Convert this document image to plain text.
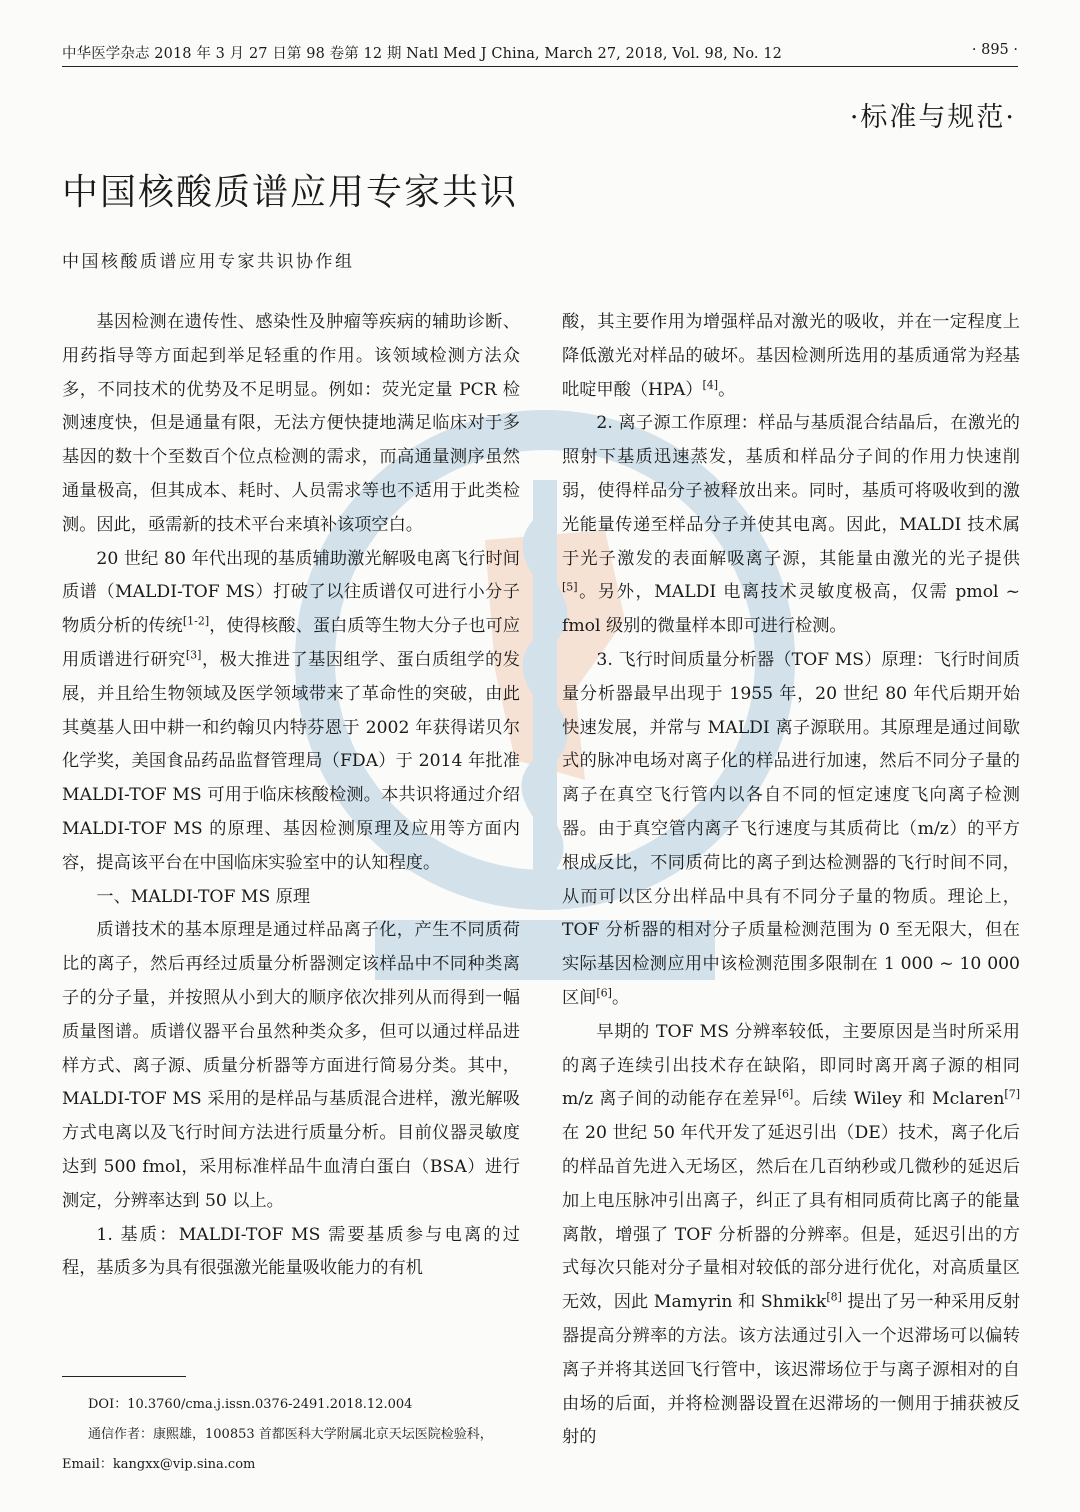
中华医学杂志 2018 年 3 月 27 日第 98 卷第 12 期 Natl Med J China, March 27, 2018, Vol. 98, No. 12	· 895 ·
·标准与规范·
中国核酸质谱应用专家共识
中国核酸质谱应用专家共识协作组

基因检测在遗传性、感染性及肿瘤等疾病的辅助诊断、用药指导等方面起到举足轻重的作用。该领域检测方法众多，不同技术的优势及不足明显。例如：荧光定量 PCR 检测速度快，但是通量有限，无法方便快捷地满足临床对于多基因的数十个至数百个位点检测的需求，而高通量测序虽然通量极高，但其成本、耗时、人员需求等也不适用于此类检测。因此，亟需新的技术平台来填补该项空白。

20 世纪 80 年代出现的基质辅助激光解吸电离飞行时间质谱（MALDI-TOF MS）打破了以往质谱仅可进行小分子物质分析的传统[1-2]，使得核酸、蛋白质等生物大分子也可应用质谱进行研究[3]，极大推进了基因组学、蛋白质组学的发展，并且给生物领域及医学领域带来了革命性的突破，由此其奠基人田中耕一和约翰贝内特芬恩于 2002 年获得诺贝尔化学奖，美国食品药品监督管理局（FDA）于 2014 年批准 MALDI-TOF MS 可用于临床核酸检测。本共识将通过介绍 MALDI-TOF MS 的原理、基因检测原理及应用等方面内容，提高该平台在中国临床实验室中的认知程度。

一、MALDI-TOF MS 原理

质谱技术的基本原理是通过样品离子化，产生不同质荷比的离子，然后再经过质量分析器测定该样品中不同种类离子的分子量，并按照从小到大的顺序依次排列从而得到一幅质量图谱。质谱仪器平台虽然种类众多，但可以通过样品进样方式、离子源、质量分析器等方面进行简易分类。其中，MALDI-TOF MS 采用的是样品与基质混合进样，激光解吸方式电离以及飞行时间方法进行质量分析。目前仪器灵敏度达到 500 fmol，采用标准样品牛血清白蛋白（BSA）进行测定，分辨率达到 50 以上。

1. 基质：MALDI-TOF MS 需要基质参与电离的过程，基质多为具有很强激光能量吸收能力的有机

DOI：10.3760/cma.j.issn.0376-2491.2018.12.004

通信作者：康熙雄，100853 首都医科大学附属北京天坛医院检验科，Email：kangxx@vip.sina.com

酸，其主要作用为增强样品对激光的吸收，并在一定程度上降低激光对样品的破坏。基因检测所选用的基质通常为羟基吡啶甲酸（HPA）[4]。

2. 离子源工作原理：样品与基质混合结晶后，在激光的照射下基质迅速蒸发，基质和样品分子间的作用力快速削弱，使得样品分子被释放出来。同时，基质可将吸收到的激光能量传递至样品分子并使其电离。因此，MALDI 技术属于光子激发的表面解吸离子源，其能量由激光的光子提供[5]。另外，MALDI 电离技术灵敏度极高，仅需 pmol ~ fmol 级别的微量样本即可进行检测。

3. 飞行时间质量分析器（TOF MS）原理：飞行时间质量分析器最早出现于 1955 年，20 世纪 80 年代后期开始快速发展，并常与 MALDI 离子源联用。其原理是通过间歇式的脉冲电场对离子化的样品进行加速，然后不同分子量的离子在真空飞行管内以各自不同的恒定速度飞向离子检测器。由于真空管内离子飞行速度与其质荷比（m/z）的平方根成反比，不同质荷比的离子到达检测器的飞行时间不同，从而可以区分出样品中具有不同分子量的物质。理论上，TOF 分析器的相对分子质量检测范围为 0 至无限大，但在实际基因检测应用中该检测范围多限制在 1 000 ~ 10 000 区间[6]。

早期的 TOF MS 分辨率较低，主要原因是当时所采用的离子连续引出技术存在缺陷，即同时离开离子源的相同 m/z 离子间的动能存在差异[6]。后续 Wiley 和 Mclaren[7] 在 20 世纪 50 年代开发了延迟引出（DE）技术，离子化后的样品首先进入无场区，然后在几百纳秒或几微秒的延迟后加上电压脉冲引出离子，纠正了具有相同质荷比离子的能量离散，增强了 TOF 分析器的分辨率。但是，延迟引出的方式每次只能对分子量相对较低的部分进行优化，对高质量区无效，因此 Mamyrin 和 Shmikk[8] 提出了另一种采用反射器提高分辨率的方法。该方法通过引入一个迟滞场可以偏转离子并将其送回飞行管中，该迟滞场位于与离子源相对的自由场的后面，并将检测器设置在迟滞场的一侧用于捕获被反射的
